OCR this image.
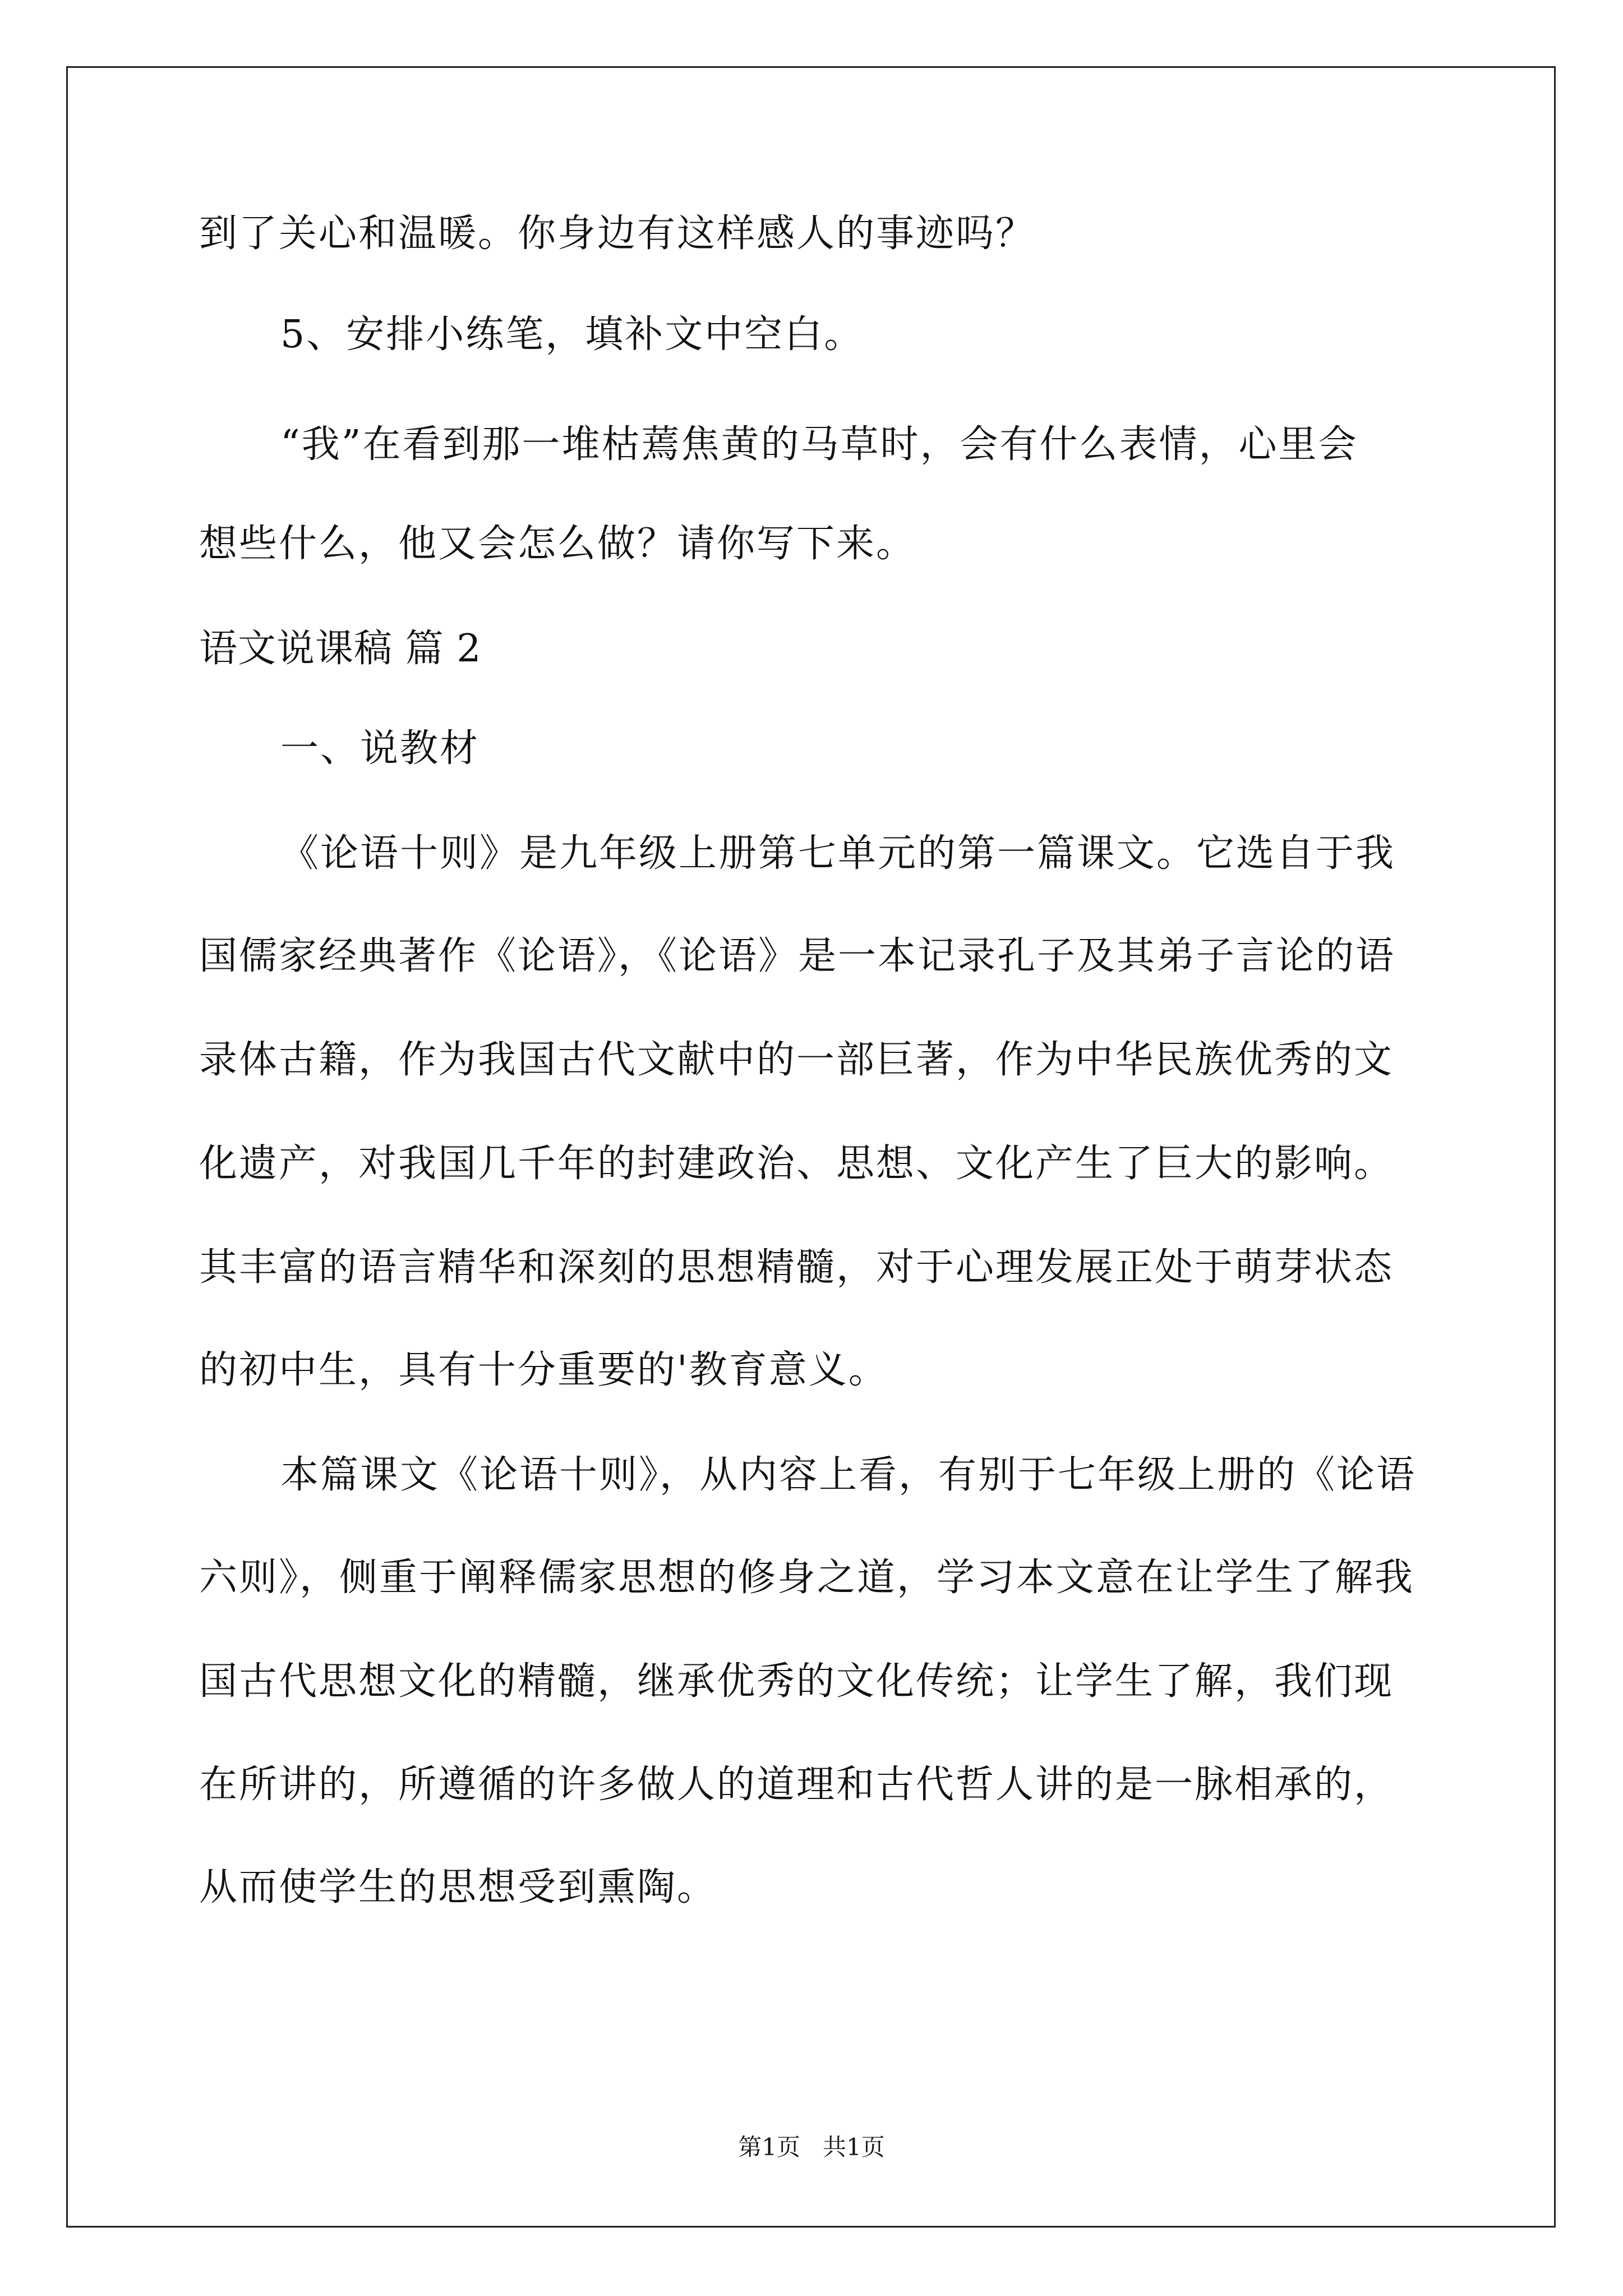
到了关心和温暖。你身边有这样感人的事迹吗？
5、安排小练笔，填补文中空白。
“我”在看到那一堆枯蔫焦黄的马草时，会有什么表情，心里会
想些什么，他又会怎么做？请你写下来。
语文说课稿 篇 2
一、说教材
《论语十则》是九年级上册第七单元的第一篇课文。它选自于我
国儒家经典著作《论语》，《论语》是一本记录孔子及其弟子言论的语
录体古籍，作为我国古代文献中的一部巨著，作为中华民族优秀的文
化遗产，对我国几千年的封建政治、思想、文化产生了巨大的影响。
其丰富的语言精华和深刻的思想精髓，对于心理发展正处于萌芽状态
的初中生，具有十分重要的'教育意义。
本篇课文《论语十则》，从内容上看，有别于七年级上册的《论语
六则》，侧重于阐释儒家思想的修身之道，学习本文意在让学生了解我
国古代思想文化的精髓，继承优秀的文化传统；让学生了解，我们现
在所讲的，所遵循的许多做人的道理和古代哲人讲的是一脉相承的，
从而使学生的思想受到熏陶。
第1页   共1页
